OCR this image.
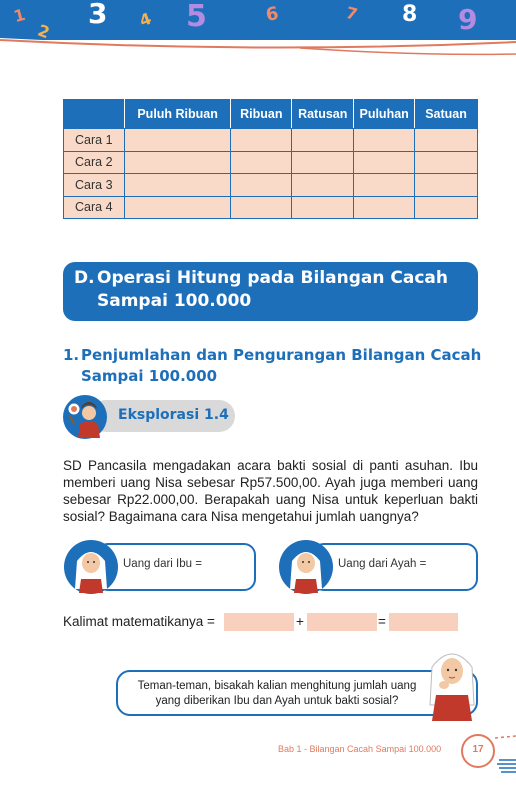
1
2
3 4 5	6	7 8 9
	Puluh Ribuan	Ribuan	Ratusan	Puluhan	Satuan
Cara 1					
Cara 2					
Cara 3					
Cara 4					
D. Operasi Hitung pada Bilangan Cacah
Sampai 100.000
1. Penjumlahan dan Pengurangan Bilangan Cacah
Sampai 100.000
Eksplorasi 1.4
SD Pancasila mengadakan acara bakti sosial di panti asuhan. Ibu
memberi uang Nisa sebesar Rp57.500,00. Ayah juga memberi uang
sebesar Rp22.000,00. Berapakah uang Nisa untuk keperluan bakti
sosial? Bagaimana cara Nisa mengetahui jumlah uangnya?
Uang dari Ibu =	Uang dari Ayah =
Kalimat matematikanya =	+	=
Teman-teman, bisakah kalian menghitung jumlah uang
yang diberikan Ibu dan Ayah untuk bakti sosial?
Bab 1 - Bilangan Cacah Sampai 100.000	17
